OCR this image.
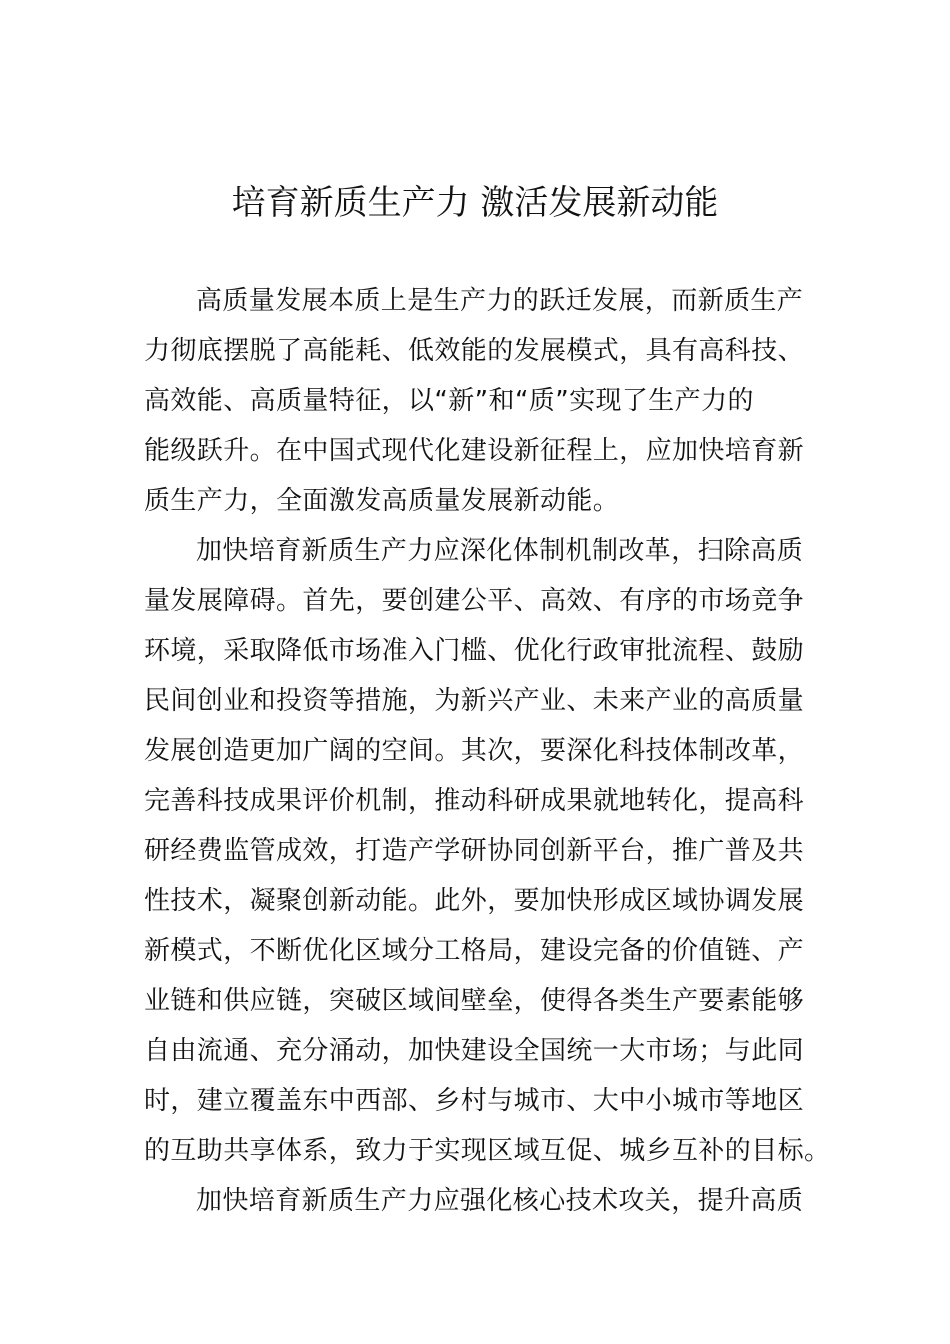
培育新质生产力 激活发展新动能
高质量发展本质上是生产力的跃迁发展，而新质生产
力彻底摆脱了高能耗、低效能的发展模式，具有高科技、
高效能、高质量特征，以“新”和“质”实现了生产力的
能级跃升。在中国式现代化建设新征程上，应加快培育新
质生产力，全面激发高质量发展新动能。
加快培育新质生产力应深化体制机制改革，扫除高质
量发展障碍。首先，要创建公平、高效、有序的市场竞争
环境，采取降低市场准入门槛、优化行政审批流程、鼓励
民间创业和投资等措施，为新兴产业、未来产业的高质量
发展创造更加广阔的空间。其次，要深化科技体制改革，
完善科技成果评价机制，推动科研成果就地转化，提高科
研经费监管成效，打造产学研协同创新平台，推广普及共
性技术，凝聚创新动能。此外，要加快形成区域协调发展
新模式，不断优化区域分工格局，建设完备的价值链、产
业链和供应链，突破区域间壁垒，使得各类生产要素能够
自由流通、充分涌动，加快建设全国统一大市场；与此同
时，建立覆盖东中西部、乡村与城市、大中小城市等地区
的互助共享体系，致力于实现区域互促、城乡互补的目标。
加快培育新质生产力应强化核心技术攻关，提升高质
